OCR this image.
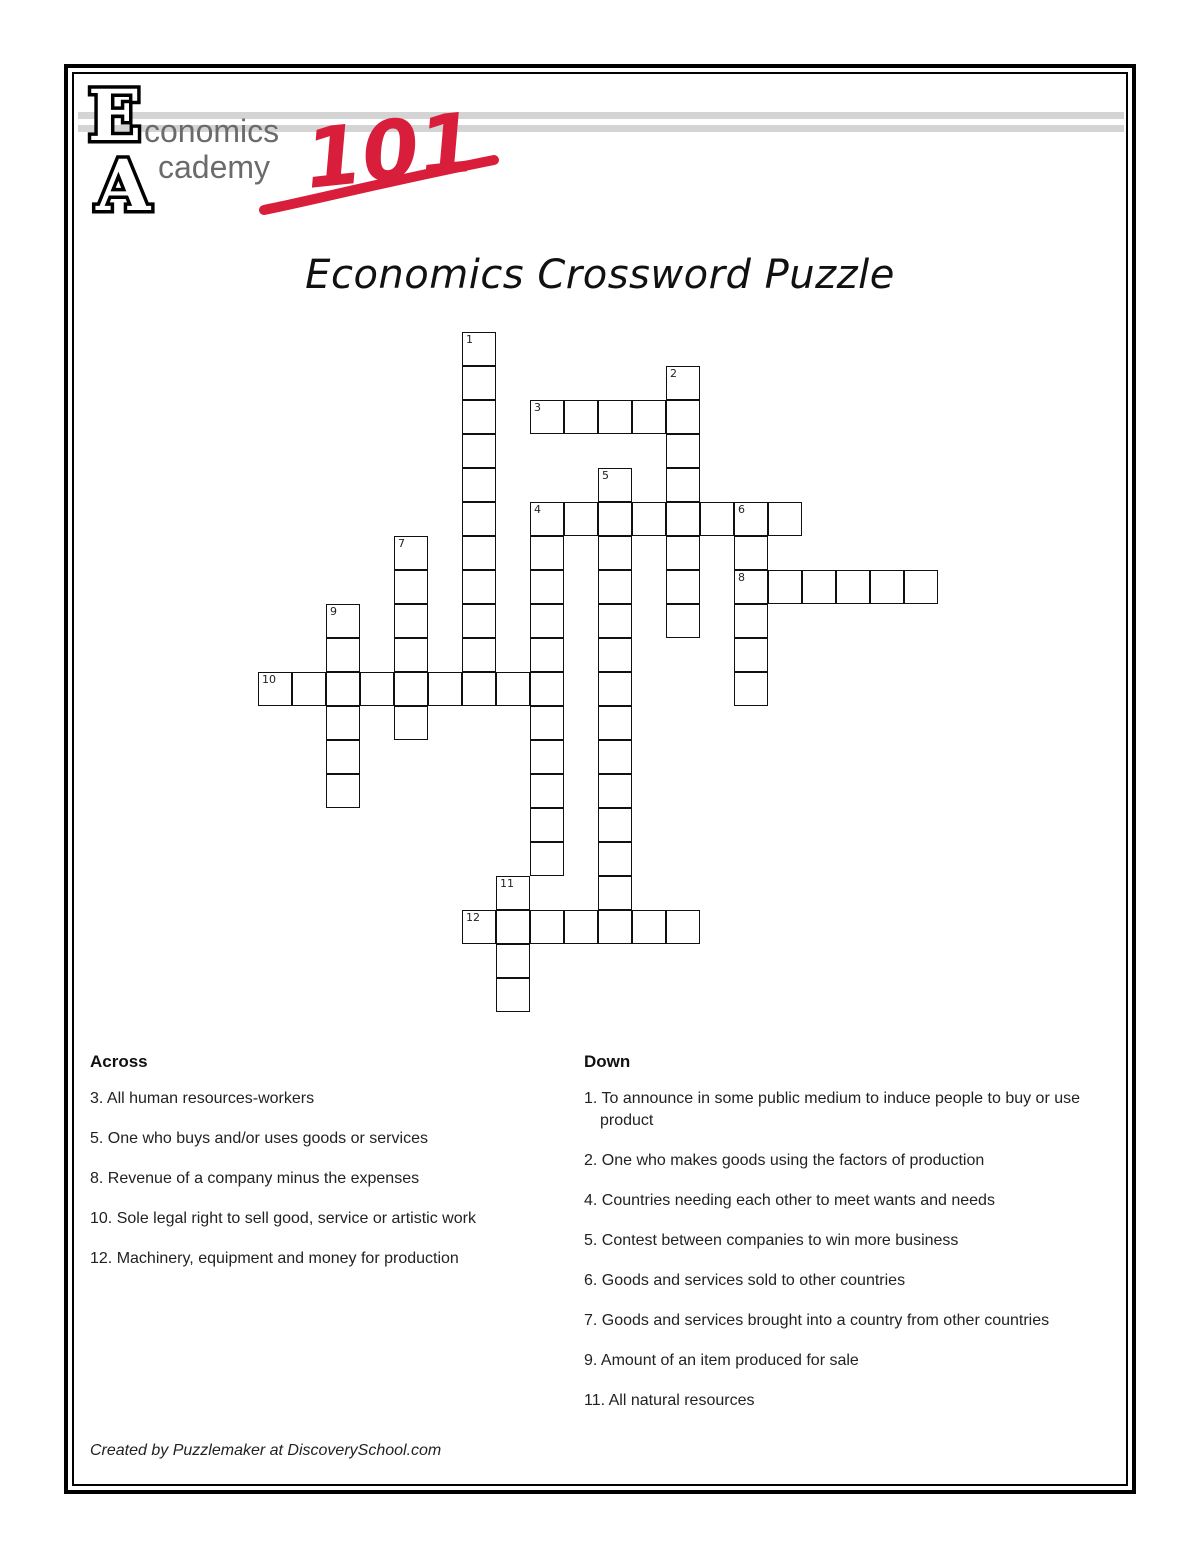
E
A
conomics
cademy 101
Economics Crossword Puzzle
1
2
3
5
4	6
8
7
9
10
11
12
Across

3. All human resources-workers

5. One who buys and/or uses goods or services

8. Revenue of a company minus the expenses

10. Sole legal right to sell good, service or artistic work

12. Machinery, equipment and money for production

Down

1. To announce in some public medium to induce people to buy or use product

2. One who makes goods using the factors of production

4. Countries needing each other to meet wants and needs

5. Contest between companies to win more business

6. Goods and services sold to other countries

7. Goods and services brought into a country from other countries

9. Amount of an item produced for sale

11. All natural resources

Created by Puzzlemaker at DiscoverySchool.com
